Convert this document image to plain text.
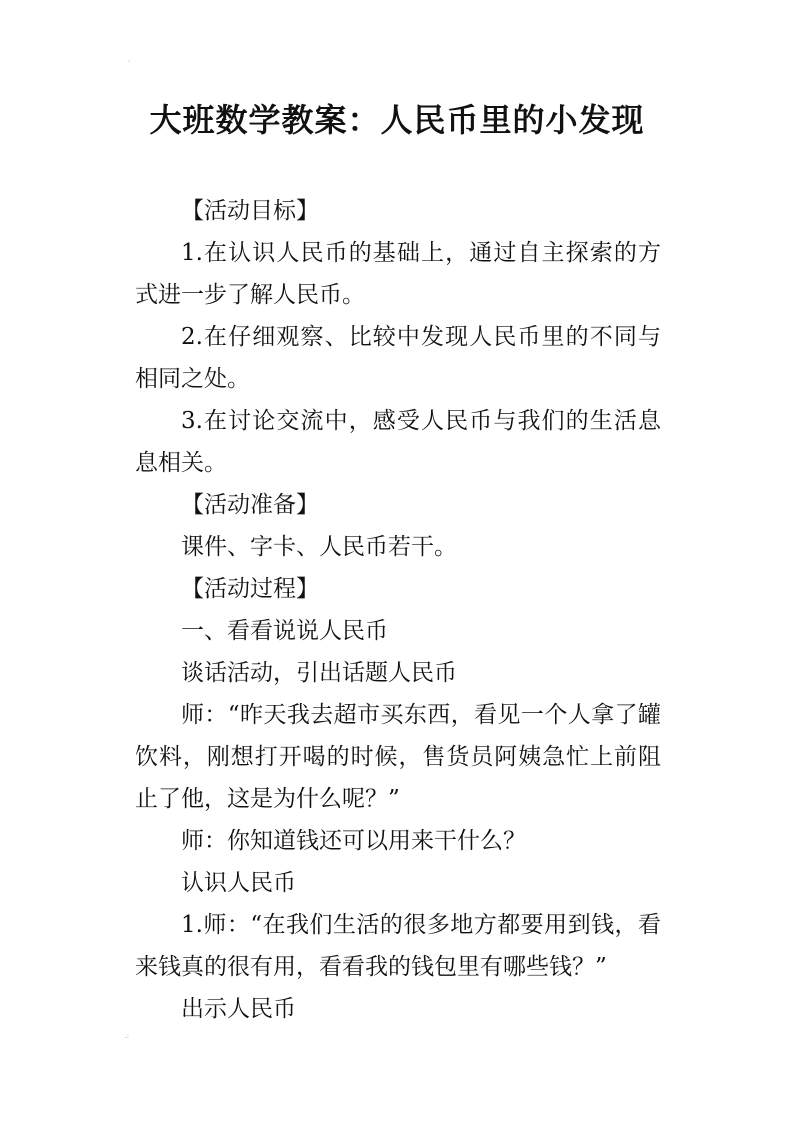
'
大班数学教案：人民币里的小发现

【活动目标】

1.在认识人民币的基础上，通过自主探索的方式进一步了解人民币。

2.在仔细观察、比较中发现人民币里的不同与相同之处。

3.在讨论交流中，感受人民币与我们的生活息息相关。

【活动准备】

课件、字卡、人民币若干。

【活动过程】

一、看看说说人民币

谈话活动，引出话题人民币

师：“昨天我去超市买东西，看见一个人拿了罐饮料，刚想打开喝的时候，售货员阿姨急忙上前阻止了他，这是为什么呢？”

师：你知道钱还可以用来干什么？

认识人民币

1.师：“在我们生活的很多地方都要用到钱，看来钱真的很有用，看看我的钱包里有哪些钱？”

出示人民币

.:
